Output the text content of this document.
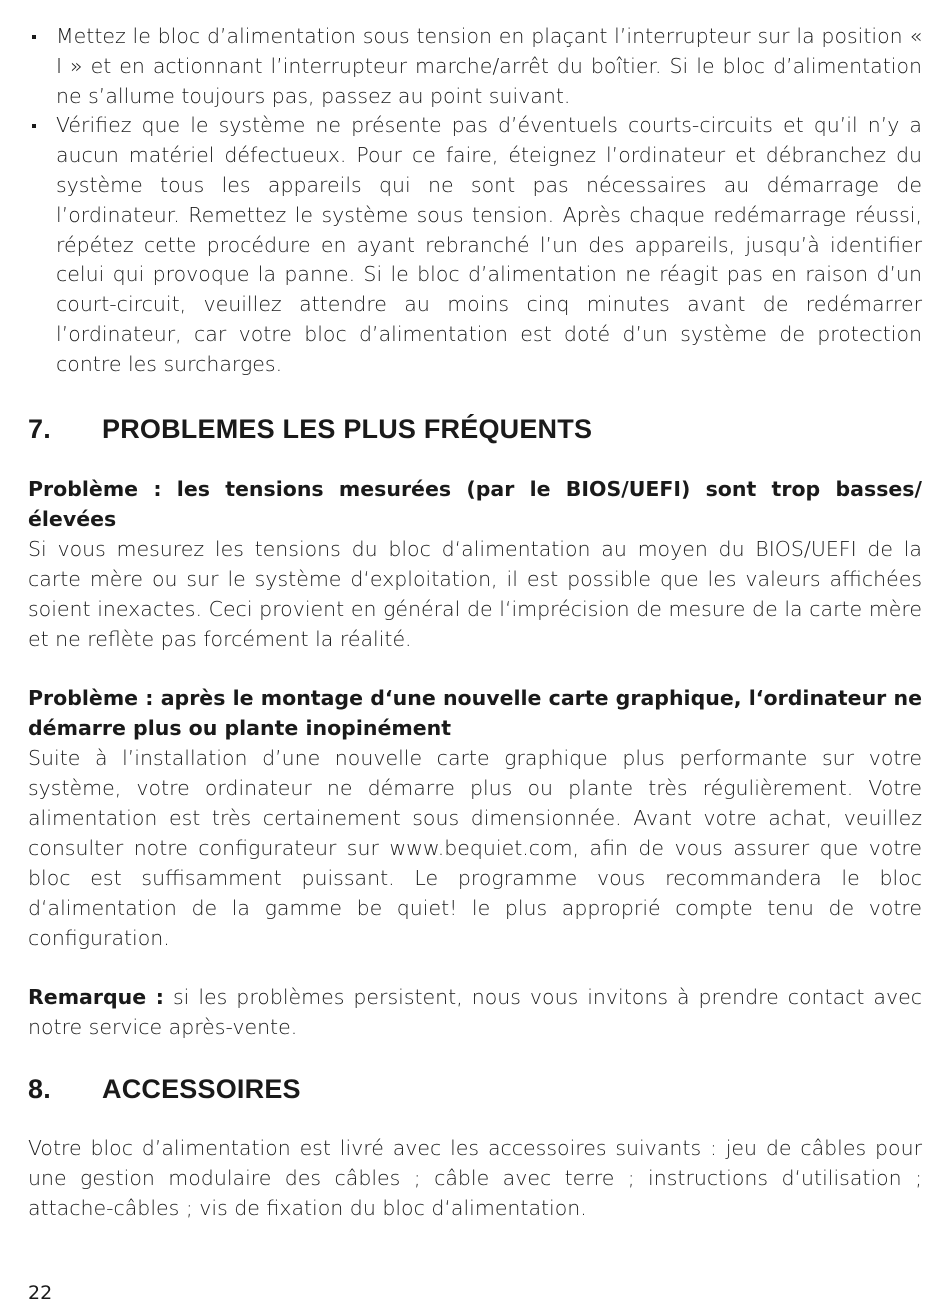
Mettez le bloc d’alimentation sous tension en plaçant l’interrupteur sur la position « I » et en actionnant l’interrupteur marche/arrêt du boîtier. Si le bloc d’alimentation ne s’allume toujours pas, passez au point suivant.
Vérifiez que le système ne présente pas d’éventuels courts-circuits et qu’il n’y a aucun matériel défectueux. Pour ce faire, éteignez l’ordinateur et débranchez du système tous les appareils qui ne sont pas nécessaires au démarrage de l’ordinateur. Remettez le système sous tension. Après chaque redémarrage réussi, répétez cette procédure en ayant rebranché l’un des appareils, jusqu’à identifier celui qui provoque la panne. Si le bloc d’alimentation ne réagit pas en raison d’un court-circuit, veuillez attendre au moins cinq minutes avant de redémarrer l’ordinateur, car votre bloc d’alimentation est doté d’un système de protection contre les surcharges.
7. PROBLEMES LES PLUS FRÉQUENTS

Problème : les tensions mesurées (par le BIOS/UEFI) sont trop basses/ élevées

Si vous mesurez les tensions du bloc d‘alimentation au moyen du BIOS/UEFI de la carte mère ou sur le système d‘exploitation, il est possible que les valeurs affichées soient inexactes. Ceci provient en général de l‘imprécision de mesure de la carte mère et ne reflète pas forcément la réalité.

Problème : après le montage d‘une nouvelle carte graphique, l‘ordinateur ne démarre plus ou plante inopinément

Suite à l’installation d’une nouvelle carte graphique plus performante sur votre système, votre ordinateur ne démarre plus ou plante très régulièrement. Votre alimentation est très certainement sous dimensionnée. Avant votre achat, veuillez consulter notre configurateur sur www.bequiet.com, afin de vous assurer que votre bloc est suffisamment puissant. Le programme vous recommandera le bloc d‘alimentation de la gamme be quiet! le plus approprié compte tenu de votre configuration.

Remarque : si les problèmes persistent, nous vous invitons à prendre contact avec notre service après-vente.

8. ACCESSOIRES

Votre bloc d’alimentation est livré avec les accessoires suivants : jeu de câbles pour une gestion modulaire des câbles ; câble avec terre ; instructions d‘utilisation ; attache-câbles ; vis de fixation du bloc d‘alimentation.

22
